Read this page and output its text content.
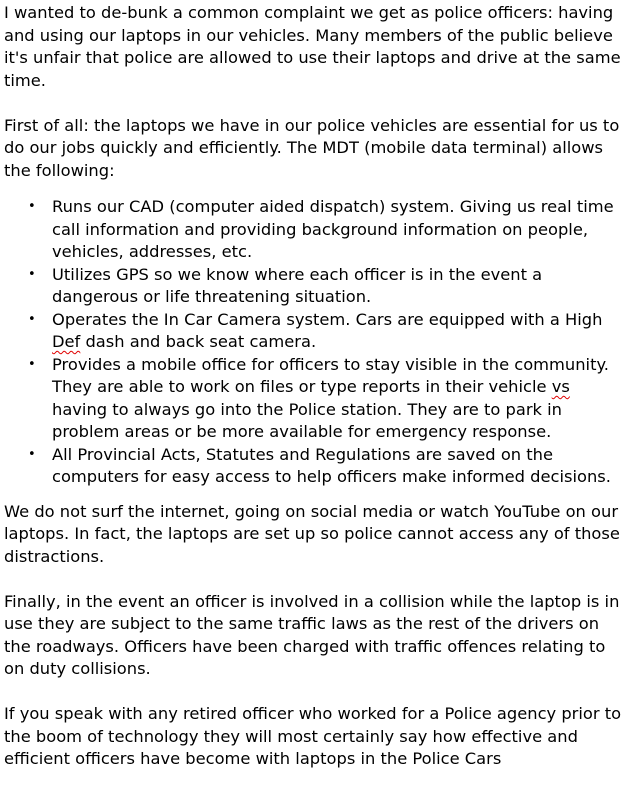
I wanted to de-bunk a common complaint we get as police officers: having and using our laptops in our vehicles. Many members of the public believe it's unfair that police are allowed to use their laptops and drive at the same time.

First of all: the laptops we have in our police vehicles are essential for us to do our jobs quickly and efficiently. The MDT (mobile data terminal) allows the following:

• Runs our CAD (computer aided dispatch) system. Giving us real time call information and providing background information on people, vehicles, addresses, etc.
• Utilizes GPS so we know where each officer is in the event a dangerous or life threatening situation.
• Operates the In Car Camera system. Cars are equipped with a High Def dash and back seat camera.
• Provides a mobile office for officers to stay visible in the community. They are able to work on files or type reports in their vehicle vs having to always go into the Police station. They are to park in problem areas or be more available for emergency response.
• All Provincial Acts, Statutes and Regulations are saved on the computers for easy access to help officers make informed decisions.

We do not surf the internet, going on social media or watch YouTube on our laptops. In fact, the laptops are set up so police cannot access any of those distractions.

Finally, in the event an officer is involved in a collision while the laptop is in use they are subject to the same traffic laws as the rest of the drivers on the roadways. Officers have been charged with traffic offences relating to on duty collisions.

If you speak with any retired officer who worked for a Police agency prior to the boom of technology they will most certainly say how effective and efficient officers have become with laptops in the Police Cars
